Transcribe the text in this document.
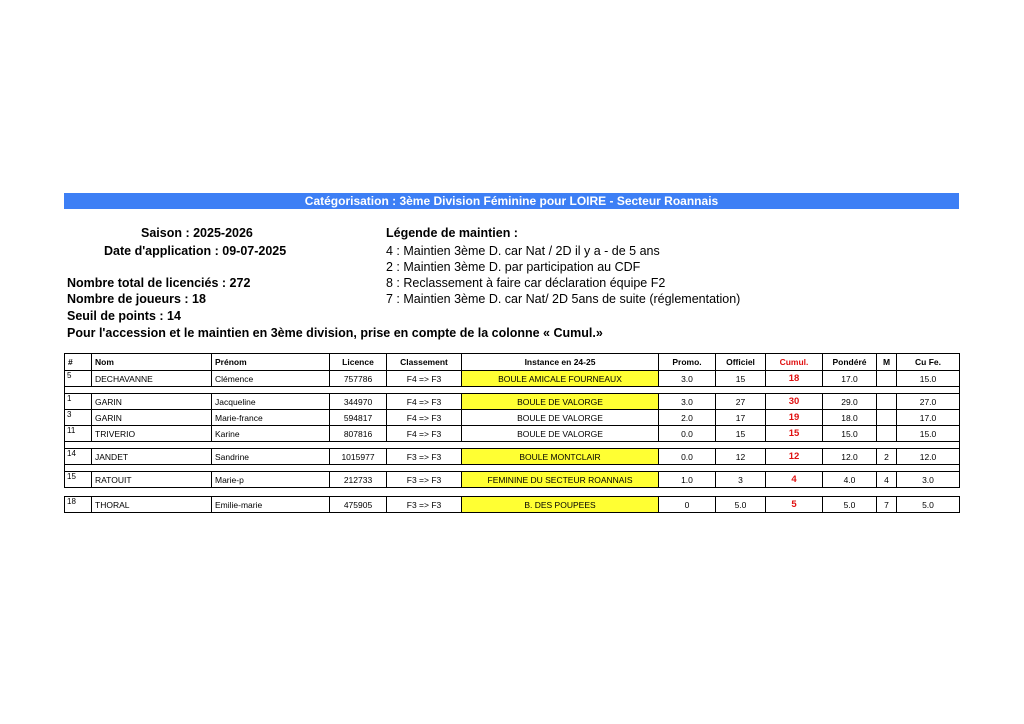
Catégorisation : 3ème Division Féminine pour LOIRE - Secteur Roannais
Saison : 2025-2026
Date d'application : 09-07-2025
Nombre total de licenciés : 272
Nombre de joueurs : 18
Seuil de points : 14
Pour l'accession et le maintien en 3ème division, prise en compte de la colonne « Cumul.»
Légende de maintien :
4 : Maintien 3ème D. car Nat / 2D il y a - de 5 ans
2 : Maintien 3ème D. par participation au CDF
8 : Reclassement à faire car déclaration équipe F2
7 : Maintien 3ème D. car Nat/ 2D 5ans de suite (réglementation)
#	Nom	Prénom	Licence	Classement	Instance en 24-25	Promo.	Officiel	Cumul.	Pondéré	M	Cu Fe.
5	DECHAVANNE	Clémence	757786	F4 => F3	BOULE AMICALE FOURNEAUX	3.0	15	18	17.0		15.0

1	GARIN	Jacqueline	344970	F4 => F3	BOULE DE VALORGE	3.0	27	30	29.0		27.0
3	GARIN	Marie-france	594817	F4 => F3	BOULE DE VALORGE	2.0	17	19	18.0		17.0
11	TRIVERIO	Karine	807816	F4 => F3	BOULE DE VALORGE	0.0	15	15	15.0		15.0

14	JANDET	Sandrine	1015977	F3 => F3	BOULE MONTCLAIR	0.0	12	12	12.0	2	12.0

15	RATOUIT	Marie-p	212733	F3 => F3	FEMININE DU SECTEUR ROANNAIS	1.0	3	4	4.0	4	3.0

18	THORAL	Emilie-marie	475905	F3 => F3	B. DES POUPEES	0	5.0	5	5.0	7	5.0
